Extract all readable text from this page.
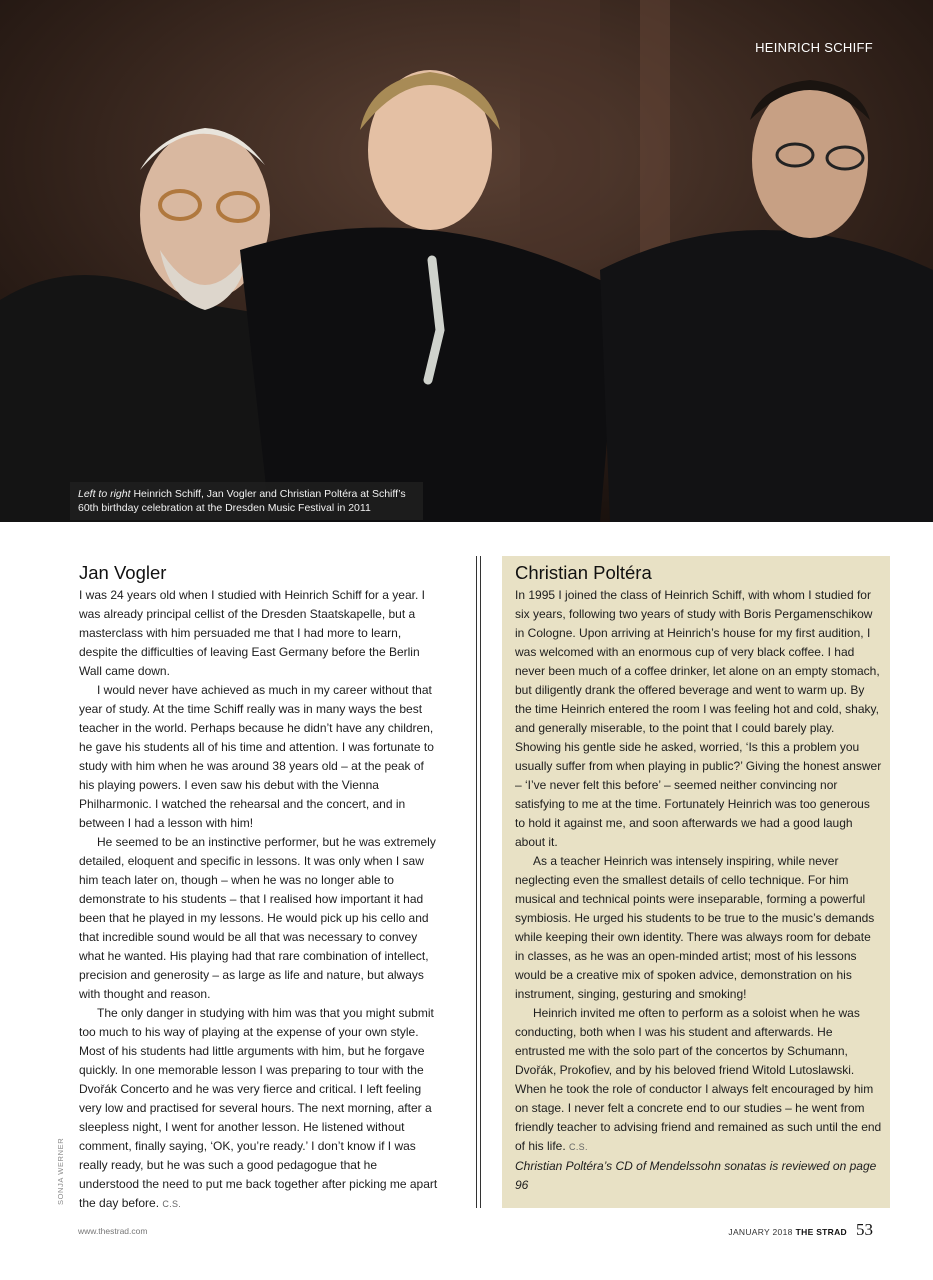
HEINRICH SCHIFF
Left to right Heinrich Schiff, Jan Vogler and Christian Poltéra at Schiff’s 60th birthday celebration at the Dresden Music Festival in 2011
Jan Vogler

I was 24 years old when I studied with Heinrich Schiff for a year. I was already principal cellist of the Dresden Staatskapelle, but a masterclass with him persuaded me that I had more to learn, despite the difficulties of leaving East Germany before the Berlin Wall came down.

I would never have achieved as much in my career without that year of study. At the time Schiff really was in many ways the best teacher in the world. Perhaps because he didn’t have any children, he gave his students all of his time and attention. I was fortunate to study with him when he was around 38 years old – at the peak of his playing powers. I even saw his debut with the Vienna Philharmonic. I watched the rehearsal and the concert, and in between I had a lesson with him!

He seemed to be an instinctive performer, but he was extremely detailed, eloquent and specific in lessons. It was only when I saw him teach later on, though – when he was no longer able to demonstrate to his students – that I realised how important it had been that he played in my lessons. He would pick up his cello and that incredible sound would be all that was necessary to convey what he wanted. His playing had that rare combination of intellect, precision and generosity – as large as life and nature, but always with thought and reason.

The only danger in studying with him was that you might submit too much to his way of playing at the expense of your own style. Most of his students had little arguments with him, but he forgave quickly. In one memorable lesson I was preparing to tour with the Dvořák Concerto and he was very fierce and critical. I left feeling very low and practised for several hours. The next morning, after a sleepless night, I went for another lesson. He listened without comment, finally saying, ‘OK, you’re ready.’ I don’t know if I was really ready, but he was such a good pedagogue that he understood the need to put me back together after picking me apart the day before. C.S.

Christian Poltéra

In 1995 I joined the class of Heinrich Schiff, with whom I studied for six years, following two years of study with Boris Pergamenschikow in Cologne. Upon arriving at Heinrich’s house for my first audition, I was welcomed with an enormous cup of very black coffee. I had never been much of a coffee drinker, let alone on an empty stomach, but diligently drank the offered beverage and went to warm up. By the time Heinrich entered the room I was feeling hot and cold, shaky, and generally miserable, to the point that I could barely play. Showing his gentle side he asked, worried, ‘Is this a problem you usually suffer from when playing in public?’ Giving the honest answer – ‘I’ve never felt this before’ – seemed neither convincing nor satisfying to me at the time. Fortunately Heinrich was too generous to hold it against me, and soon afterwards we had a good laugh about it.

As a teacher Heinrich was intensely inspiring, while never neglecting even the smallest details of cello technique. For him musical and technical points were inseparable, forming a powerful symbiosis. He urged his students to be true to the music’s demands while keeping their own identity. There was always room for debate in classes, as he was an open-minded artist; most of his lessons would be a creative mix of spoken advice, demonstration on his instrument, singing, gesturing and smoking!

Heinrich invited me often to perform as a soloist when he was conducting, both when I was his student and afterwards. He entrusted me with the solo part of the concertos by Schumann, Dvořák, Prokofiev, and by his beloved friend Witold Lutoslawski. When he took the role of conductor I always felt encouraged by him on stage. I never felt a concrete end to our studies – he went from friendly teacher to advising friend and remained as such until the end of his life. C.S.

Christian Poltéra’s CD of Mendelssohn sonatas is reviewed on page 96

SONJA WERNER
www.thestrad.com	JANUARY 2018 THE STRAD 53
